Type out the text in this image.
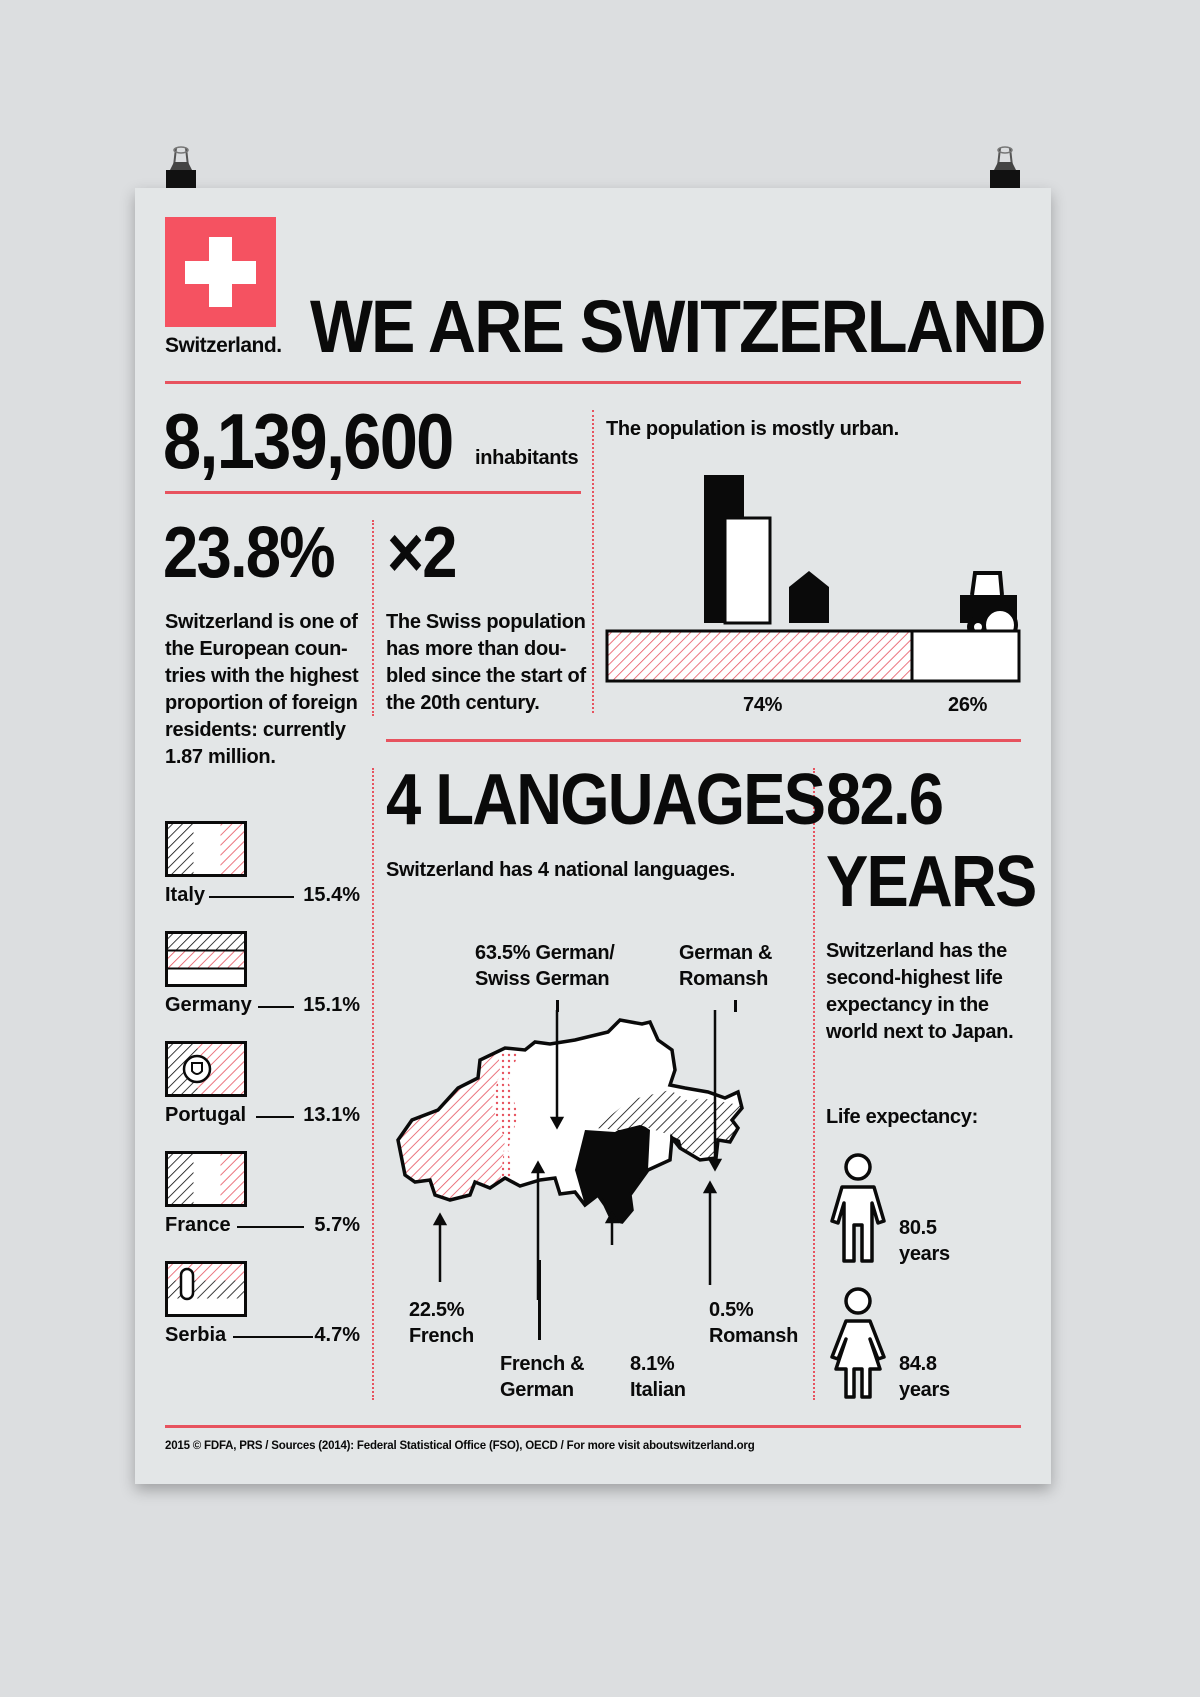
Switzerland. WE ARE SWITZERLAND
8,139,600 inhabitants
23.8%
Switzerland is one of
the European coun-
tries with the highest
proportion of foreign
residents: currently
1.87 million.
×2
The Swiss population
has more than dou-
bled since the start of
the 20th century.
The population is mostly urban.
74%	26%
Italy	15.4%
Germany	15.1%
Portugal	13.1%
France	5.7%
Serbia	4.7%
4 LANGUAGES
Switzerland has 4 national languages.
63.5% German/
Swiss German
German &
Romansh
22.5%
French
French &
German
8.1%
Italian
0.5%
Romansh
82.6
YEARS
Switzerland has the
second-highest life
expectancy in the
world next to Japan.
Life expectancy:
80.5
years
84.8
years
2015 © FDFA, PRS / Sources (2014): Federal Statistical Office (FSO), OECD / For more visit aboutswitzerland.org
